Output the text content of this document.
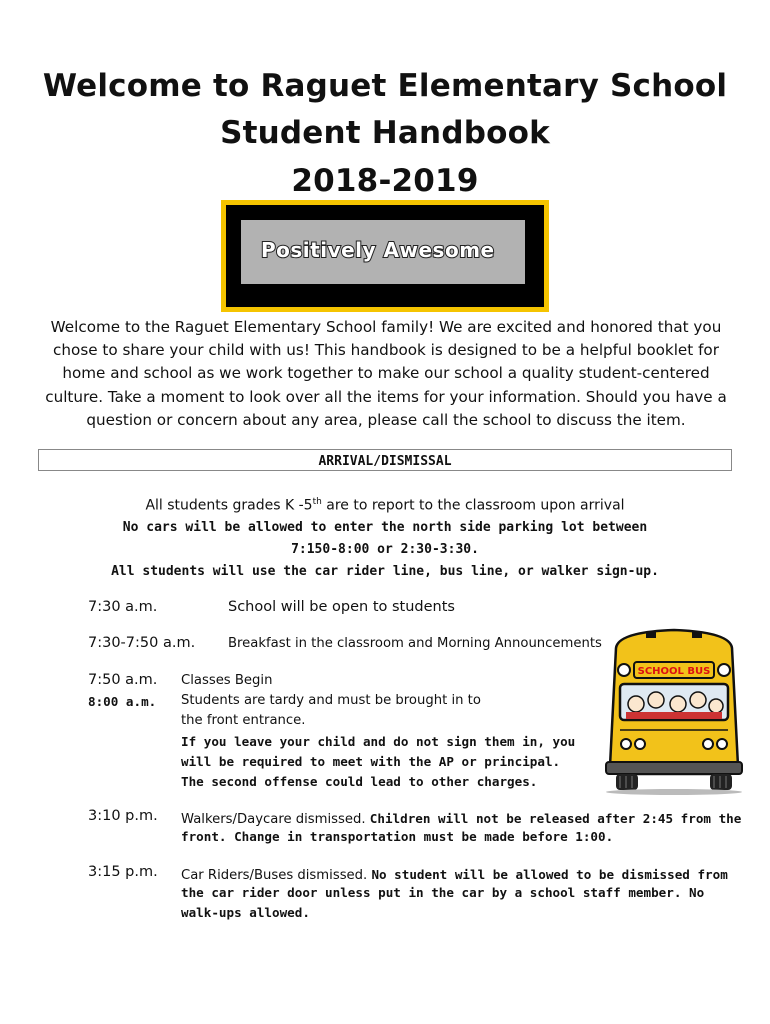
Welcome to Raguet Elementary School
Student Handbook
2018-2019
Positively Awesome
Welcome to the Raguet Elementary School family! We are excited and honored that you
chose to share your child with us! This handbook is designed to be a helpful booklet for
home and school as we work together to make our school a quality student-centered
culture. Take a moment to look over all the items for your information. Should you have a
question or concern about any area, please call the school to discuss the item.
ARRIVAL/DISMISSAL
All students grades K -5th are to report to the classroom upon arrival
No cars will be allowed to enter the north side parking lot between
7:150-8:00 or 2:30-3:30.
All students will use the car rider line, bus line, or walker sign-up.
7:30 a.m.	School will be open to students
7:30-7:50 a.m. Breakfast in the classroom and Morning Announcements
7:50 a.m. Classes Begin
8:00 a.m. Students are tardy and must be brought in to
the front entrance.
If you leave your child and do not sign them in, you
will be required to meet with the AP or principal.
The second offense could lead to other charges.
3:10 p.m. Walkers/Daycare dismissed. Children will not be released after 2:45 from the
front. Change in transportation must be made before 1:00.
3:15 p.m. Car Riders/Buses dismissed. No student will be allowed to be dismissed from
the car rider door unless put in the car by a school staff member. No
walk-ups allowed.
SCHOOL BUS
